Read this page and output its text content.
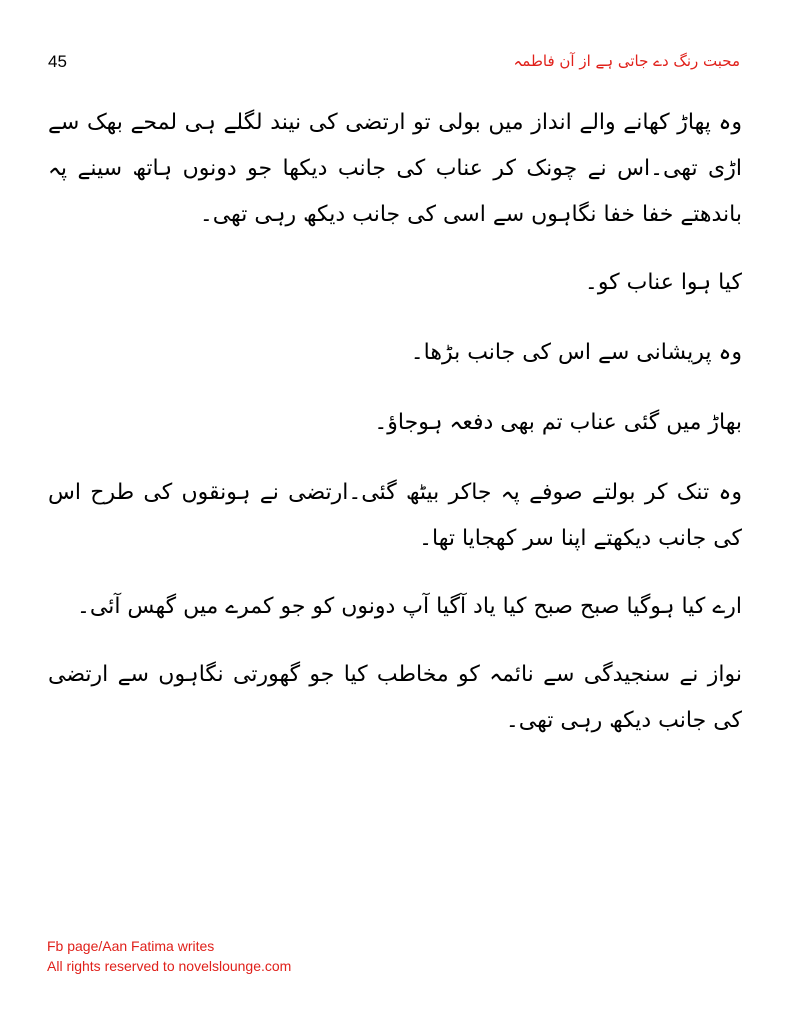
45	محبت رنگ دے جاتی ہے از آن فاطمہ

وہ پھاڑ کھانے والے انداز میں بولی تو ارتضی کی نیند لگلے ہی لمحے بھک سے اڑی تھی۔اس نے چونک کر عناب کی جانب دیکھا جو دونوں ہاتھ سینے پہ باندھتے خفا خفا نگاہوں سے اسی کی جانب دیکھ رہی تھی۔

کیا ہوا عناب کو۔

وہ پریشانی سے اس کی جانب بڑھا۔

بھاڑ میں گئی عناب تم بھی دفعہ ہوجاؤ۔

وہ تنک کر بولتے صوفے پہ جاکر بیٹھ گئی۔ارتضی نے ہونقوں کی طرح اس کی جانب دیکھتے اپنا سر کھجایا تھا۔

ارے کیا ہوگیا صبح صبح کیا یاد آگیا آپ دونوں کو جو کمرے میں گھس آئی۔

نواز نے سنجیدگی سے نائمہ کو مخاطب کیا جو گھورتی نگاہوں سے ارتضی کی جانب دیکھ رہی تھی۔

Fb page/Aan Fatima writes
All rights reserved to novelslounge.com
